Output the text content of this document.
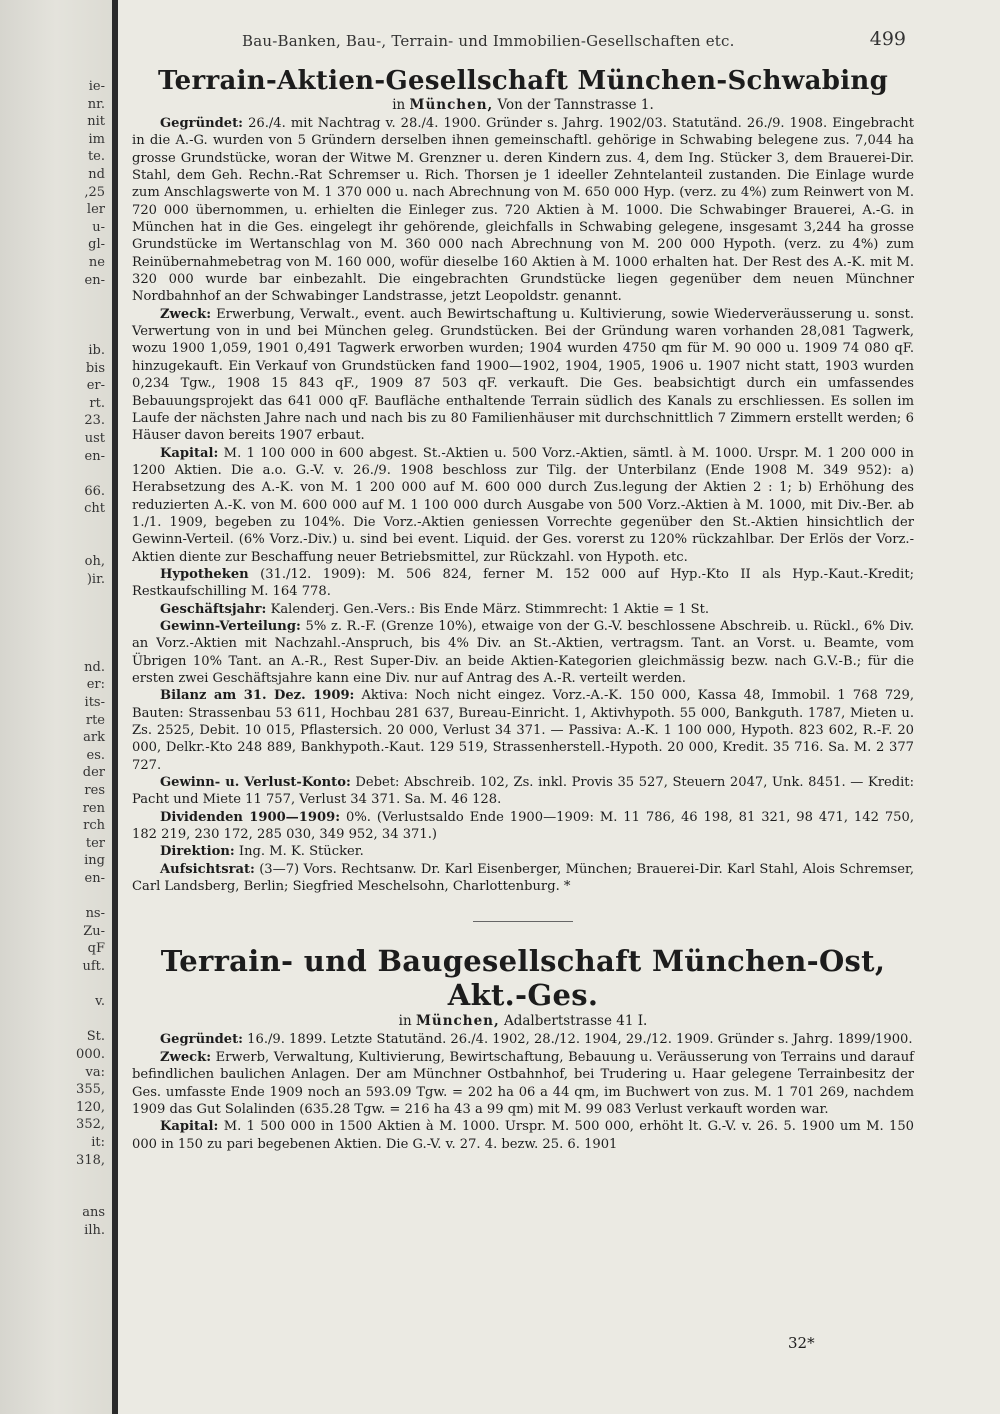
ie-
nr.
nit
im
te.
nd
,25
ler
u-
gl-
ne
en-
ib.
bis
er-
rt.
23.
ust
en-
66.
cht
oh,
)ir.
nd.
er:
its-
rte
ark
es.
der
res
ren
rch
ter
ing
en-
ns-
Zu-
qF
uft.
v.
St.
000.
va:
355,
120,
352,
it:
318,
ans
ilh.
Bau-Banken, Bau-, Terrain- und Immobilien-Gesellschaften etc.	499
Terrain-Aktien-Gesellschaft München-Schwabing
in München, Von der Tannstrasse 1.

Gegründet: 26./4. mit Nachtrag v. 28./4. 1900. Gründer s. Jahrg. 1902/03. Statutänd. 26./9. 1908. Eingebracht in die A.-G. wurden von 5 Gründern derselben ihnen gemeinschaftl. gehörige in Schwabing belegene zus. 7,044 ha grosse Grundstücke, woran der Witwe M. Grenzner u. deren Kindern zus. 4, dem Ing. Stücker 3, dem Brauerei-Dir. Stahl, dem Geh. Rechn.-Rat Schremser u. Rich. Thorsen je 1 ideeller Zehntelanteil zustanden. Die Einlage wurde zum Anschlagswerte von M. 1 370 000 u. nach Abrechnung von M. 650 000 Hyp. (verz. zu 4%) zum Reinwert von M. 720 000 übernommen, u. erhielten die Einleger zus. 720 Aktien à M. 1000. Die Schwabinger Brauerei, A.-G. in München hat in die Ges. eingelegt ihr gehörende, gleichfalls in Schwabing gelegene, insgesamt 3,244 ha grosse Grundstücke im Wertanschlag von M. 360 000 nach Abrechnung von M. 200 000 Hypoth. (verz. zu 4%) zum Reinübernahmebetrag von M. 160 000, wofür dieselbe 160 Aktien à M. 1000 erhalten hat. Der Rest des A.-K. mit M. 320 000 wurde bar einbezahlt. Die eingebrachten Grundstücke liegen gegenüber dem neuen Münchner Nordbahnhof an der Schwabinger Landstrasse, jetzt Leopoldstr. genannt.

Zweck: Erwerbung, Verwalt., event. auch Bewirtschaftung u. Kultivierung, sowie Wiederveräusserung u. sonst. Verwertung von in und bei München geleg. Grundstücken. Bei der Gründung waren vorhanden 28,081 Tagwerk, wozu 1900 1,059, 1901 0,491 Tagwerk erworben wurden; 1904 wurden 4750 qm für M. 90 000 u. 1909 74 080 qF. hinzugekauft. Ein Verkauf von Grundstücken fand 1900—1902, 1904, 1905, 1906 u. 1907 nicht statt, 1903 wurden 0,234 Tgw., 1908 15 843 qF., 1909 87 503 qF. verkauft. Die Ges. beabsichtigt durch ein umfassendes Bebauungsprojekt das 641 000 qF. Baufläche enthaltende Terrain südlich des Kanals zu erschliessen. Es sollen im Laufe der nächsten Jahre nach und nach bis zu 80 Familienhäuser mit durchschnittlich 7 Zimmern erstellt werden; 6 Häuser davon bereits 1907 erbaut.

Kapital: M. 1 100 000 in 600 abgest. St.-Aktien u. 500 Vorz.-Aktien, sämtl. à M. 1000. Urspr. M. 1 200 000 in 1200 Aktien. Die a.o. G.-V. v. 26./9. 1908 beschloss zur Tilg. der Unterbilanz (Ende 1908 M. 349 952): a) Herabsetzung des A.-K. von M. 1 200 000 auf M. 600 000 durch Zus.legung der Aktien 2 : 1; b) Erhöhung des reduzierten A.-K. von M. 600 000 auf M. 1 100 000 durch Ausgabe von 500 Vorz.-Aktien à M. 1000, mit Div.-Ber. ab 1./1. 1909, begeben zu 104%. Die Vorz.-Aktien geniessen Vorrechte gegenüber den St.-Aktien hinsichtlich der Gewinn-Verteil. (6% Vorz.-Div.) u. sind bei event. Liquid. der Ges. vorerst zu 120% rückzahlbar. Der Erlös der Vorz.-Aktien diente zur Beschaffung neuer Betriebsmittel, zur Rückzahl. von Hypoth. etc.

Hypotheken (31./12. 1909): M. 506 824, ferner M. 152 000 auf Hyp.-Kto II als Hyp.-Kaut.-Kredit; Restkaufschilling M. 164 778.

Geschäftsjahr: Kalenderj. Gen.-Vers.: Bis Ende März. Stimmrecht: 1 Aktie = 1 St.

Gewinn-Verteilung: 5% z. R.-F. (Grenze 10%), etwaige von der G.-V. beschlossene Abschreib. u. Rückl., 6% Div. an Vorz.-Aktien mit Nachzahl.-Anspruch, bis 4% Div. an St.-Aktien, vertragsm. Tant. an Vorst. u. Beamte, vom Übrigen 10% Tant. an A.-R., Rest Super-Div. an beide Aktien-Kategorien gleichmässig bezw. nach G.V.-B.; für die ersten zwei Geschäftsjahre kann eine Div. nur auf Antrag des A.-R. verteilt werden.

Bilanz am 31. Dez. 1909: Aktiva: Noch nicht eingez. Vorz.-A.-K. 150 000, Kassa 48, Immobil. 1 768 729, Bauten: Strassenbau 53 611, Hochbau 281 637, Bureau-Einricht. 1, Aktivhypoth. 55 000, Bankguth. 1787, Mieten u. Zs. 2525, Debit. 10 015, Pflastersich. 20 000, Verlust 34 371. — Passiva: A.-K. 1 100 000, Hypoth. 823 602, R.-F. 20 000, Delkr.-Kto 248 889, Bankhypoth.-Kaut. 129 519, Strassenherstell.-Hypoth. 20 000, Kredit. 35 716. Sa. M. 2 377 727.

Gewinn- u. Verlust-Konto: Debet: Abschreib. 102, Zs. inkl. Provis 35 527, Steuern 2047, Unk. 8451. — Kredit: Pacht und Miete 11 757, Verlust 34 371. Sa. M. 46 128.

Dividenden 1900—1909: 0%. (Verlustsaldo Ende 1900—1909: M. 11 786, 46 198, 81 321, 98 471, 142 750, 182 219, 230 172, 285 030, 349 952, 34 371.)

Direktion: Ing. M. K. Stücker.

Aufsichtsrat: (3—7) Vors. Rechtsanw. Dr. Karl Eisenberger, München; Brauerei-Dir. Karl Stahl, Alois Schremser, Carl Landsberg, Berlin; Siegfried Meschelsohn, Charlottenburg. *

Terrain- und Baugesellschaft München-Ost, Akt.-Ges.
in München, Adalbertstrasse 41 I.

Gegründet: 16./9. 1899. Letzte Statutänd. 26./4. 1902, 28./12. 1904, 29./12. 1909. Gründer s. Jahrg. 1899/1900.

Zweck: Erwerb, Verwaltung, Kultivierung, Bewirtschaftung, Bebauung u. Veräusserung von Terrains und darauf befindlichen baulichen Anlagen. Der am Münchner Ostbahnhof, bei Trudering u. Haar gelegene Terrainbesitz der Ges. umfasste Ende 1909 noch an 593.09 Tgw. = 202 ha 06 a 44 qm, im Buchwert von zus. M. 1 701 269, nachdem 1909 das Gut Solalinden (635.28 Tgw. = 216 ha 43 a 99 qm) mit M. 99 083 Verlust verkauft worden war.

Kapital: M. 1 500 000 in 1500 Aktien à M. 1000. Urspr. M. 500 000, erhöht lt. G.-V. v. 26. 5. 1900 um M. 150 000 in 150 zu pari begebenen Aktien. Die G.-V. v. 27. 4. bezw. 25. 6. 1901

32*
